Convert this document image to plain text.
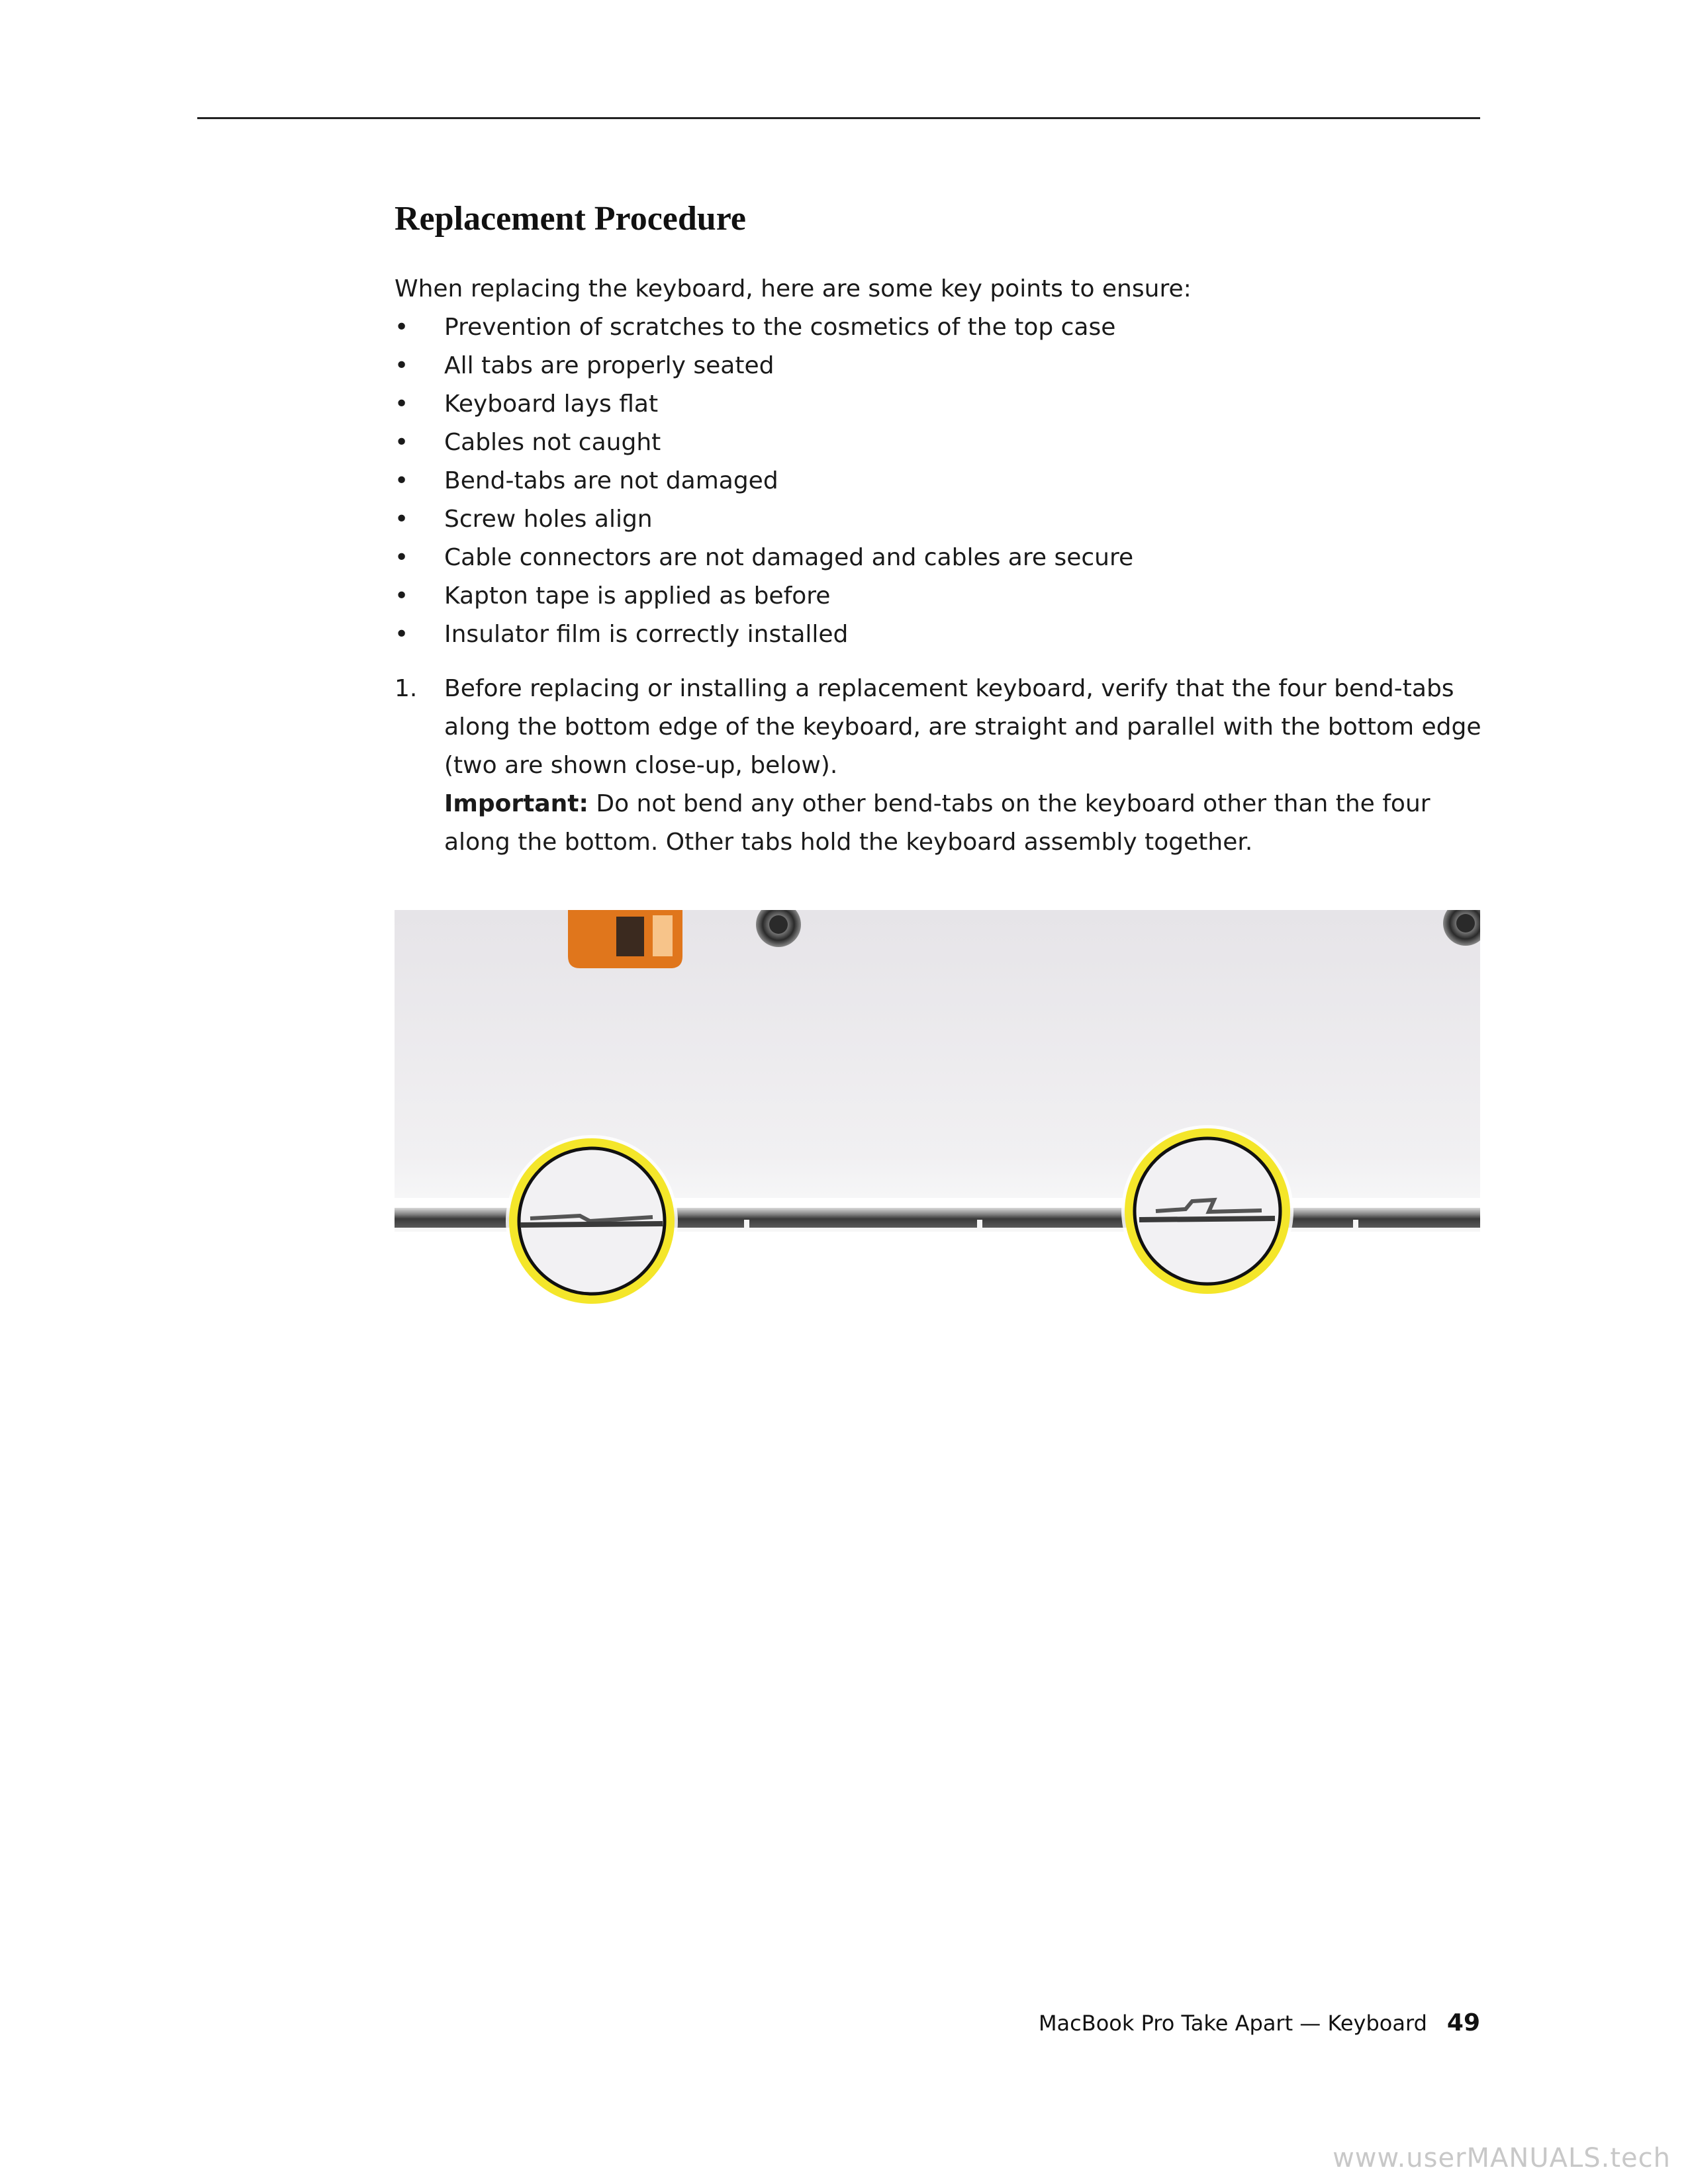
Replacement Procedure

When replacing the keyboard, here are some key points to ensure:

• Prevention of scratches to the cosmetics of the top case
• All tabs are properly seated
• Keyboard lays flat
• Cables not caught
• Bend-tabs are not damaged
• Screw holes align
• Cable connectors are not damaged and cables are secure
• Kapton tape is applied as before
• Insulator film is correctly installed
1. Before replacing or installing a replacement keyboard, verify that the four bend-tabs along the bottom edge of the keyboard, are straight and parallel with the bottom edge (two are shown close-up, below).

Important: Do not bend any other bend-tabs on the keyboard other than the four along the bottom. Other tabs hold the keyboard assembly together.

MacBook Pro Take Apart — Keyboard 49
www.userMANUALS.tech
